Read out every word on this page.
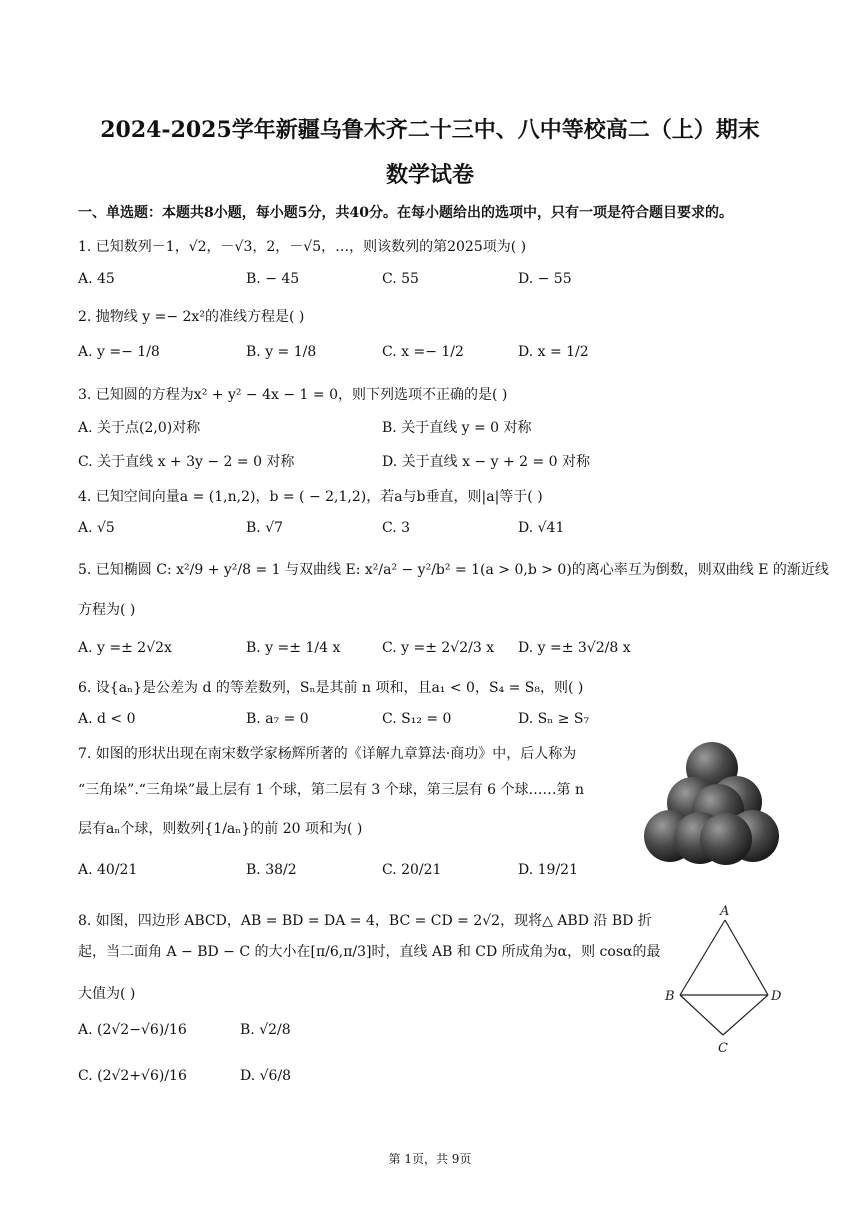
2024-2025学年新疆乌鲁木齐二十三中、八中等校高二（上）期末
数学试卷
一、单选题：本题共8小题，每小题5分，共40分。在每小题给出的选项中，只有一项是符合题目要求的。
1. 已知数列－1，√2，－√3，2，－√5，…，则该数列的第2025项为( )
A. 45	B. − 45	C. 55	D. − 55
2. 抛物线 y =− 2x²的准线方程是( )
A. y =− 1/8	B. y = 1/8	C. x =− 1/2	D. x = 1/2
3. 已知圆的方程为x² + y² − 4x − 1 = 0，则下列选项不正确的是( )
A. 关于点(2,0)对称	B. 关于直线 y = 0 对称
C. 关于直线 x + 3y − 2 = 0 对称	D. 关于直线 x − y + 2 = 0 对称
4. 已知空间向量a = (1,n,2)，b = ( − 2,1,2)，若a与b垂直，则|a|等于( )
A. √5	B. √7	C. 3	D. √41
5. 已知椭圆 C: x²/9 + y²/8 = 1 与双曲线 E: x²/a² − y²/b² = 1(a > 0,b > 0)的离心率互为倒数，则双曲线 E 的渐近线
方程为( )
A. y =± 2√2x	B. y =± 1/4 x	C. y =± 2√2/3 x D. y =± 3√2/8 x
6. 设{aₙ}是公差为 d 的等差数列，Sₙ是其前 n 项和，且a₁ < 0，S₄ = S₈，则( )
A. d < 0	B. a₇ = 0	C. S₁₂ = 0	D. Sₙ ≥ S₇
7. 如图的形状出现在南宋数学家杨辉所著的《详解九章算法·商功》中，后人称为
“三角垛”.“三角垛”最上层有 1 个球，第二层有 3 个球，第三层有 6 个球……第 n
层有aₙ个球，则数列{1/aₙ}的前 20 项和为( )
A. 40/21	B. 38/2	C. 20/21	D. 19/21
8. 如图，四边形 ABCD，AB = BD = DA = 4，BC = CD = 2√2，现将△ ABD 沿 BD 折
起，当二面角 A − BD − C 的大小在[π/6,π/3]时，直线 AB 和 CD 所成角为α，则 cosα的最
大值为( )
A. (2√2−√6)/16	B. √2/8
C. (2√2+√6)/16	D. √6/8
A
B
C
D
第 1页，共 9页
